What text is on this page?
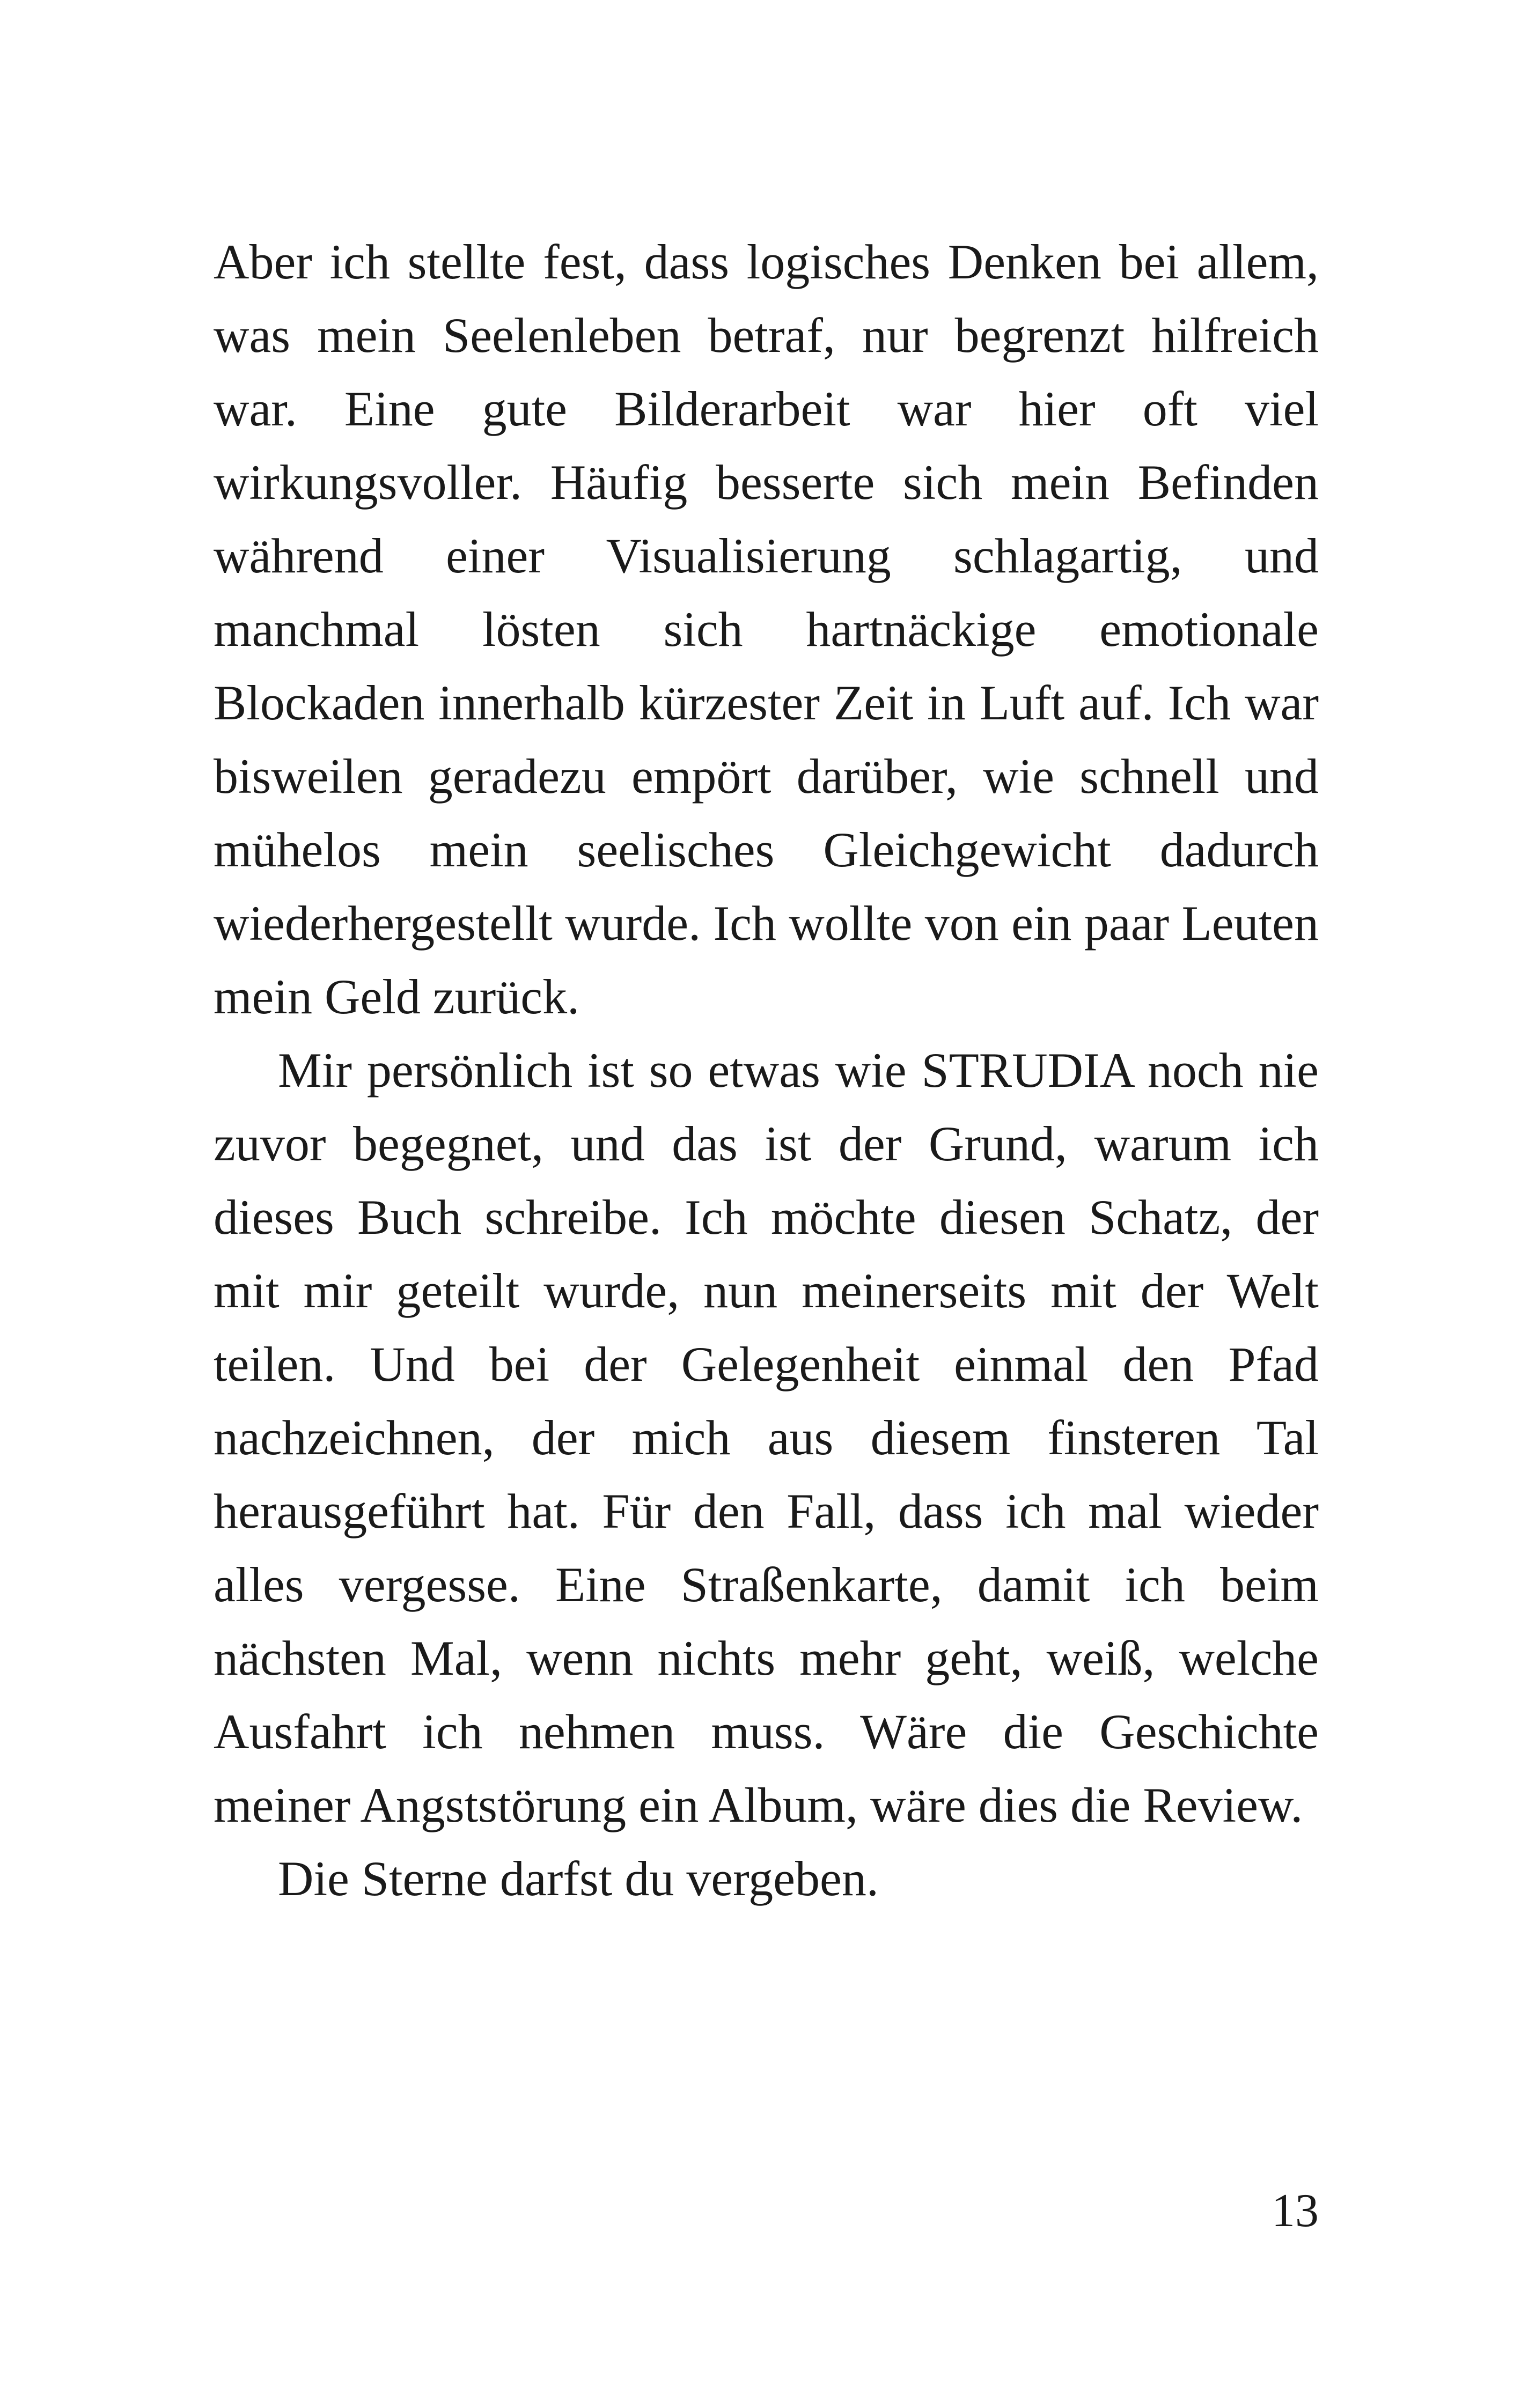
Aber ich stellte fest, dass logisches Denken bei allem, was mein Seelenleben betraf, nur begrenzt hilfreich war. Eine gute Bilderarbeit war hier oft viel wirkungsvoller. Häufig besserte sich mein Befinden während einer Visualisierung schlagartig, und manchmal lösten sich hartnäckige emotionale Blockaden innerhalb kürzester Zeit in Luft auf. Ich war bisweilen geradezu empört darüber, wie schnell und mühelos mein seelisches Gleichgewicht dadurch wiederhergestellt wurde. Ich wollte von ein paar Leuten mein Geld zurück.

Mir persönlich ist so etwas wie STRUDIA noch nie zuvor begegnet, und das ist der Grund, warum ich dieses Buch schreibe. Ich möchte diesen Schatz, der mit mir geteilt wurde, nun meinerseits mit der Welt teilen. Und bei der Gelegenheit einmal den Pfad nachzeichnen, der mich aus diesem finsteren Tal herausgeführt hat. Für den Fall, dass ich mal wieder alles vergesse. Eine Straßenkarte, damit ich beim nächsten Mal, wenn nichts mehr geht, weiß, welche Ausfahrt ich nehmen muss. Wäre die Geschichte meiner Angststörung ein Album, wäre dies die Review.

Die Sterne darfst du vergeben.

13
